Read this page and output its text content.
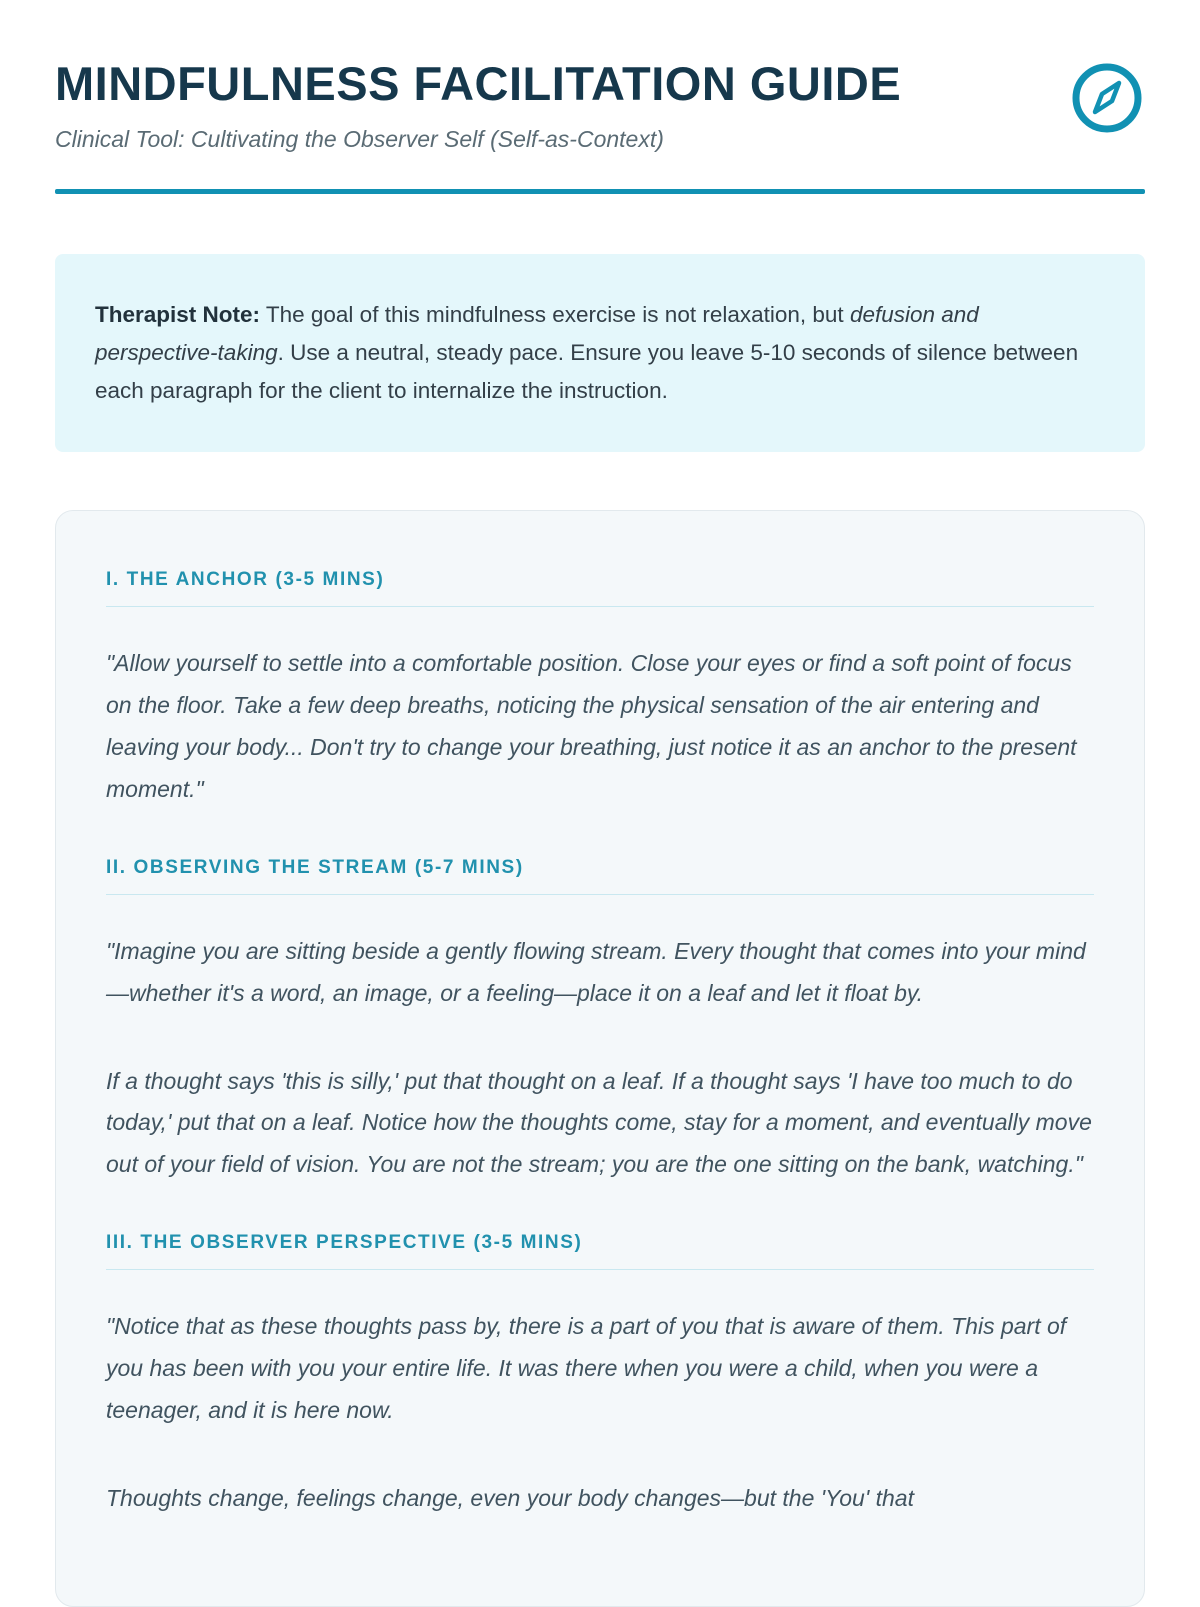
MINDFULNESS FACILITATION GUIDE

Clinical Tool: Cultivating the Observer Self (Self-as-Context)

Therapist Note: The goal of this mindfulness exercise is not relaxation, but defusion and perspective-taking. Use a neutral, steady pace. Ensure you leave 5-10 seconds of silence between each paragraph for the client to internalize the instruction.
I. THE ANCHOR (3-5 MINS)

"Allow yourself to settle into a comfortable position. Close your eyes or find a soft point of focus on the floor. Take a few deep breaths, noticing the physical sensation of the air entering and leaving your body... Don't try to change your breathing, just notice it as an anchor to the present moment."

II. OBSERVING THE STREAM (5-7 MINS)

"Imagine you are sitting beside a gently flowing stream. Every thought that comes into your mind—whether it's a word, an image, or a feeling—place it on a leaf and let it float by.

If a thought says 'this is silly,' put that thought on a leaf. If a thought says 'I have too much to do today,' put that on a leaf. Notice how the thoughts come, stay for a moment, and eventually move out of your field of vision. You are not the stream; you are the one sitting on the bank, watching."

III. THE OBSERVER PERSPECTIVE (3-5 MINS)

"Notice that as these thoughts pass by, there is a part of you that is aware of them. This part of you has been with you your entire life. It was there when you were a child, when you were a teenager, and it is here now.

Thoughts change, feelings change, even your body changes—but the 'You' that
